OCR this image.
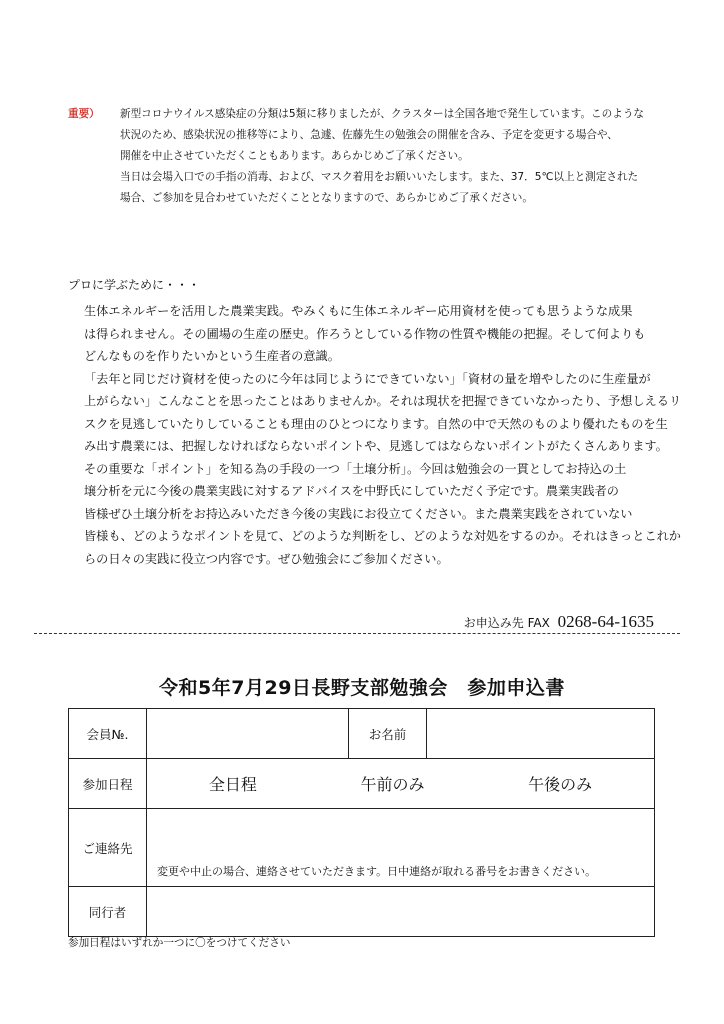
重要）	新型コロナウイルス感染症の分類は5類に移りましたが、クラスターは全国各地で発生しています。このような
状況のため、感染状況の推移等により、急遽、佐藤先生の勉強会の開催を含み、予定を変更する場合や、
開催を中止させていただくこともあります。あらかじめご了承ください。
当日は会場入口での手指の消毒、および、マスク着用をお願いいたします。また、37．5℃以上と測定された
場合、ご参加を見合わせていただくこととなりますので、あらかじめご了承ください。
プロに学ぶために・・・
生体エネルギーを活用した農業実践。やみくもに生体エネルギー応用資材を使っても思うような成果
は得られません。その圃場の生産の歴史。作ろうとしている作物の性質や機能の把握。そして何よりも
どんなものを作りたいかという生産者の意識。
「去年と同じだけ資材を使ったのに今年は同じようにできていない」「資材の量を増やしたのに生産量が
上がらない」こんなことを思ったことはありませんか。それは現状を把握できていなかったり、予想しえるリ
スクを見逃していたりしていることも理由のひとつになります。自然の中で天然のものより優れたものを生
み出す農業には、把握しなければならないポイントや、見逃してはならないポイントがたくさんあります。
その重要な「ポイント」を知る為の手段の一つ「土壌分析」。今回は勉強会の一貫としてお持込の土
壌分析を元に今後の農業実践に対するアドバイスを中野氏にしていただく予定です。農業実践者の
皆様ぜひ土壌分析をお持込みいただき今後の実践にお役立てください。また農業実践をされていない
皆様も、どのようなポイントを見て、どのような判断をし、どのような対処をするのか。それはきっとこれか
らの日々の実践に役立つ内容です。ぜひ勉強会にご参加ください。
お申込み先 FAX 0268-64-1635
令和5年7月29日長野支部勉強会　参加申込書
会員№.		お名前	
参加日程	全日程 午前のみ 午後のみ		

ご連絡先	変更や中止の場合、連絡させていただきます。日中連絡が取れる番号をお書きください。		

同行者			
参加日程はいずれか一つに〇をつけてください
